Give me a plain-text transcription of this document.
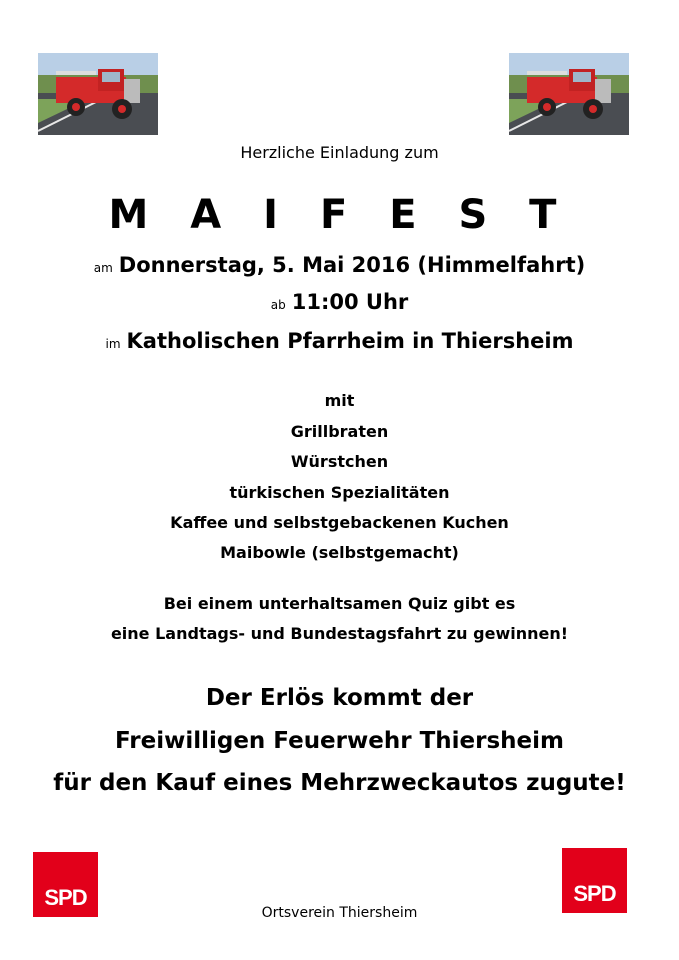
Herzliche Einladung zum
M A I F E S T
am Donnerstag, 5. Mai 2016 (Himmelfahrt)
ab 11:00 Uhr
im Katholischen Pfarrheim in Thiersheim
mit
Grillbraten
Würstchen
türkischen Spezialitäten
Kaffee und selbstgebackenen Kuchen
Maibowle (selbstgemacht)
Bei einem unterhaltsamen Quiz gibt es
eine Landtags- und Bundestagsfahrt zu gewinnen!
Der Erlös kommt der
Freiwilligen Feuerwehr Thiersheim
für den Kauf eines Mehrzweckautos zugute!
SPD	SPD
Ortsverein Thiersheim
